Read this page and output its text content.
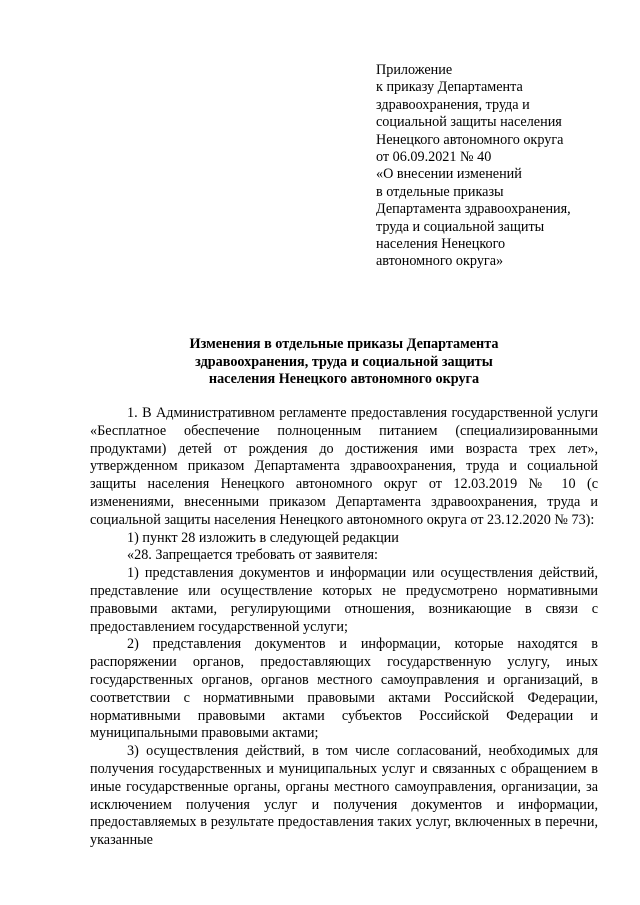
Приложение
к приказу Департамента
здравоохранения, труда и
социальной защиты населения
Ненецкого автономного округа
от 06.09.2021 № 40
«О внесении изменений
в отдельные приказы
Департамента здравоохранения,
труда и социальной защиты
населения Ненецкого
автономного округа»
Изменения в отдельные приказы Департамента
здравоохранения, труда и социальной защиты
населения Ненецкого автономного округа

1. В Административном регламенте предоставления государственной услуги «Бесплатное обеспечение полноценным питанием (специализированными продуктами) детей от рождения до достижения ими возраста трех лет», утвержденном приказом Департамента здравоохранения, труда и социальной защиты населения Ненецкого автономного округ от 12.03.2019 № 10 (с изменениями, внесенными приказом Департамента здравоохранения, труда и социальной защиты населения Ненецкого автономного округа от 23.12.2020 № 73):

1) пункт 28 изложить в следующей редакции

«28. Запрещается требовать от заявителя:

1) представления документов и информации или осуществления действий, представление или осуществление которых не предусмотрено нормативными правовыми актами, регулирующими отношения, возникающие в связи с предоставлением государственной услуги;

2) представления документов и информации, которые находятся в распоряжении органов, предоставляющих государственную услугу, иных государственных органов, органов местного самоуправления и организаций, в соответствии с нормативными правовыми актами Российской Федерации, нормативными правовыми актами субъектов Российской Федерации и муниципальными правовыми актами;

3) осуществления действий, в том числе согласований, необходимых для получения государственных и муниципальных услуг и связанных с обращением в иные государственные органы, органы местного самоуправления, организации, за исключением получения услуг и получения документов и информации, предоставляемых в результате предоставления таких услуг, включенных в перечни, указанные
